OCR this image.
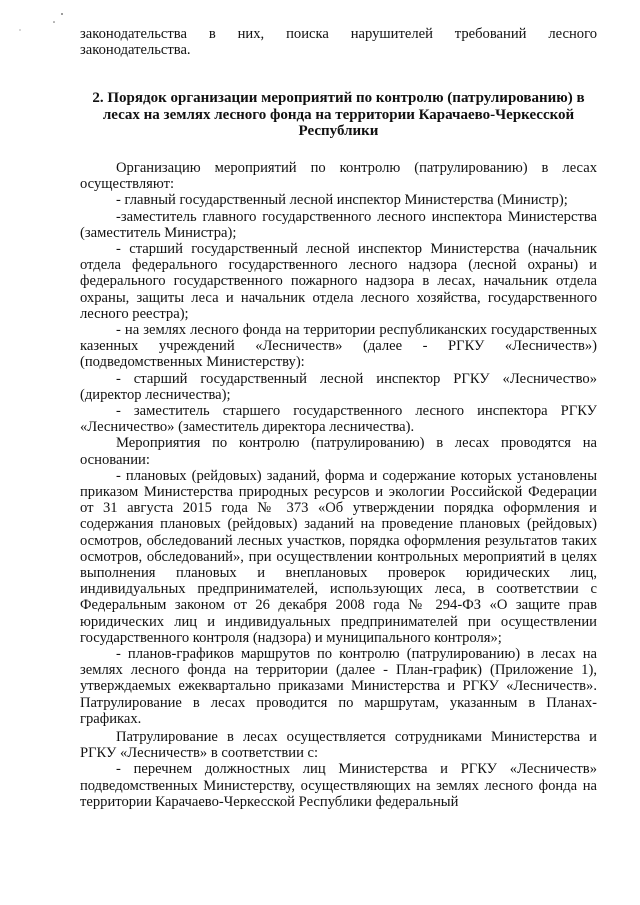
законодательства в них, поиска нарушителей требований лесного законодательства.

2. Порядок организации мероприятий по контролю (патрулированию) в лесах на землях лесного фонда на территории Карачаево-Черкесской Республики

Организацию мероприятий по контролю (патрулированию) в лесах осуществляют:

- главный государственный лесной инспектор Министерства (Министр);

-заместитель главного государственного лесного инспектора Министерства (заместитель Министра);

- старший государственный лесной инспектор Министерства (начальник отдела федерального государственного лесного надзора (лесной охраны) и федерального государственного пожарного надзора в лесах, начальник отдела охраны, защиты леса и начальник отдела лесного хозяйства, государственного лесного реестра);

- на землях лесного фонда на территории республиканских государственных казенных учреждений «Лесничеств» (далее - РГКУ «Лесничеств») (подведомственных Министерству):

- старший государственный лесной инспектор РГКУ «Лесничество» (директор лесничества);

- заместитель старшего государственного лесного инспектора РГКУ «Лесничество» (заместитель директора лесничества).

Мероприятия по контролю (патрулированию) в лесах проводятся на основании:

- плановых (рейдовых) заданий, форма и содержание которых установлены приказом Министерства природных ресурсов и экологии Российской Федерации от 31 августа 2015 года № 373 «Об утверждении порядка оформления и содержания плановых (рейдовых) заданий на проведение плановых (рейдовых) осмотров, обследований лесных участков, порядка оформления результатов таких осмотров, обследований», при осуществлении контрольных мероприятий в целях выполнения плановых и внеплановых проверок юридических лиц, индивидуальных предпринимателей, использующих леса, в соответствии с Федеральным законом от 26 декабря 2008 года № 294-ФЗ «О защите прав юридических лиц и индивидуальных предпринимателей при осуществлении государственного контроля (надзора) и муниципального контроля»;

- планов-графиков маршрутов по контролю (патрулированию) в лесах на землях лесного фонда на территории (далее - План-график) (Приложение 1), утверждаемых ежеквартально приказами Министерства и РГКУ «Лесничеств». Патрулирование в лесах проводится по маршрутам, указанным в Планах-графиках.

Патрулирование в лесах осуществляется сотрудниками Министерства и РГКУ «Лесничеств» в соответствии с:

- перечнем должностных лиц Министерства и РГКУ «Лесничеств» подведомственных Министерству, осуществляющих на землях лесного фонда на территории Карачаево-Черкесской Республики федеральный
